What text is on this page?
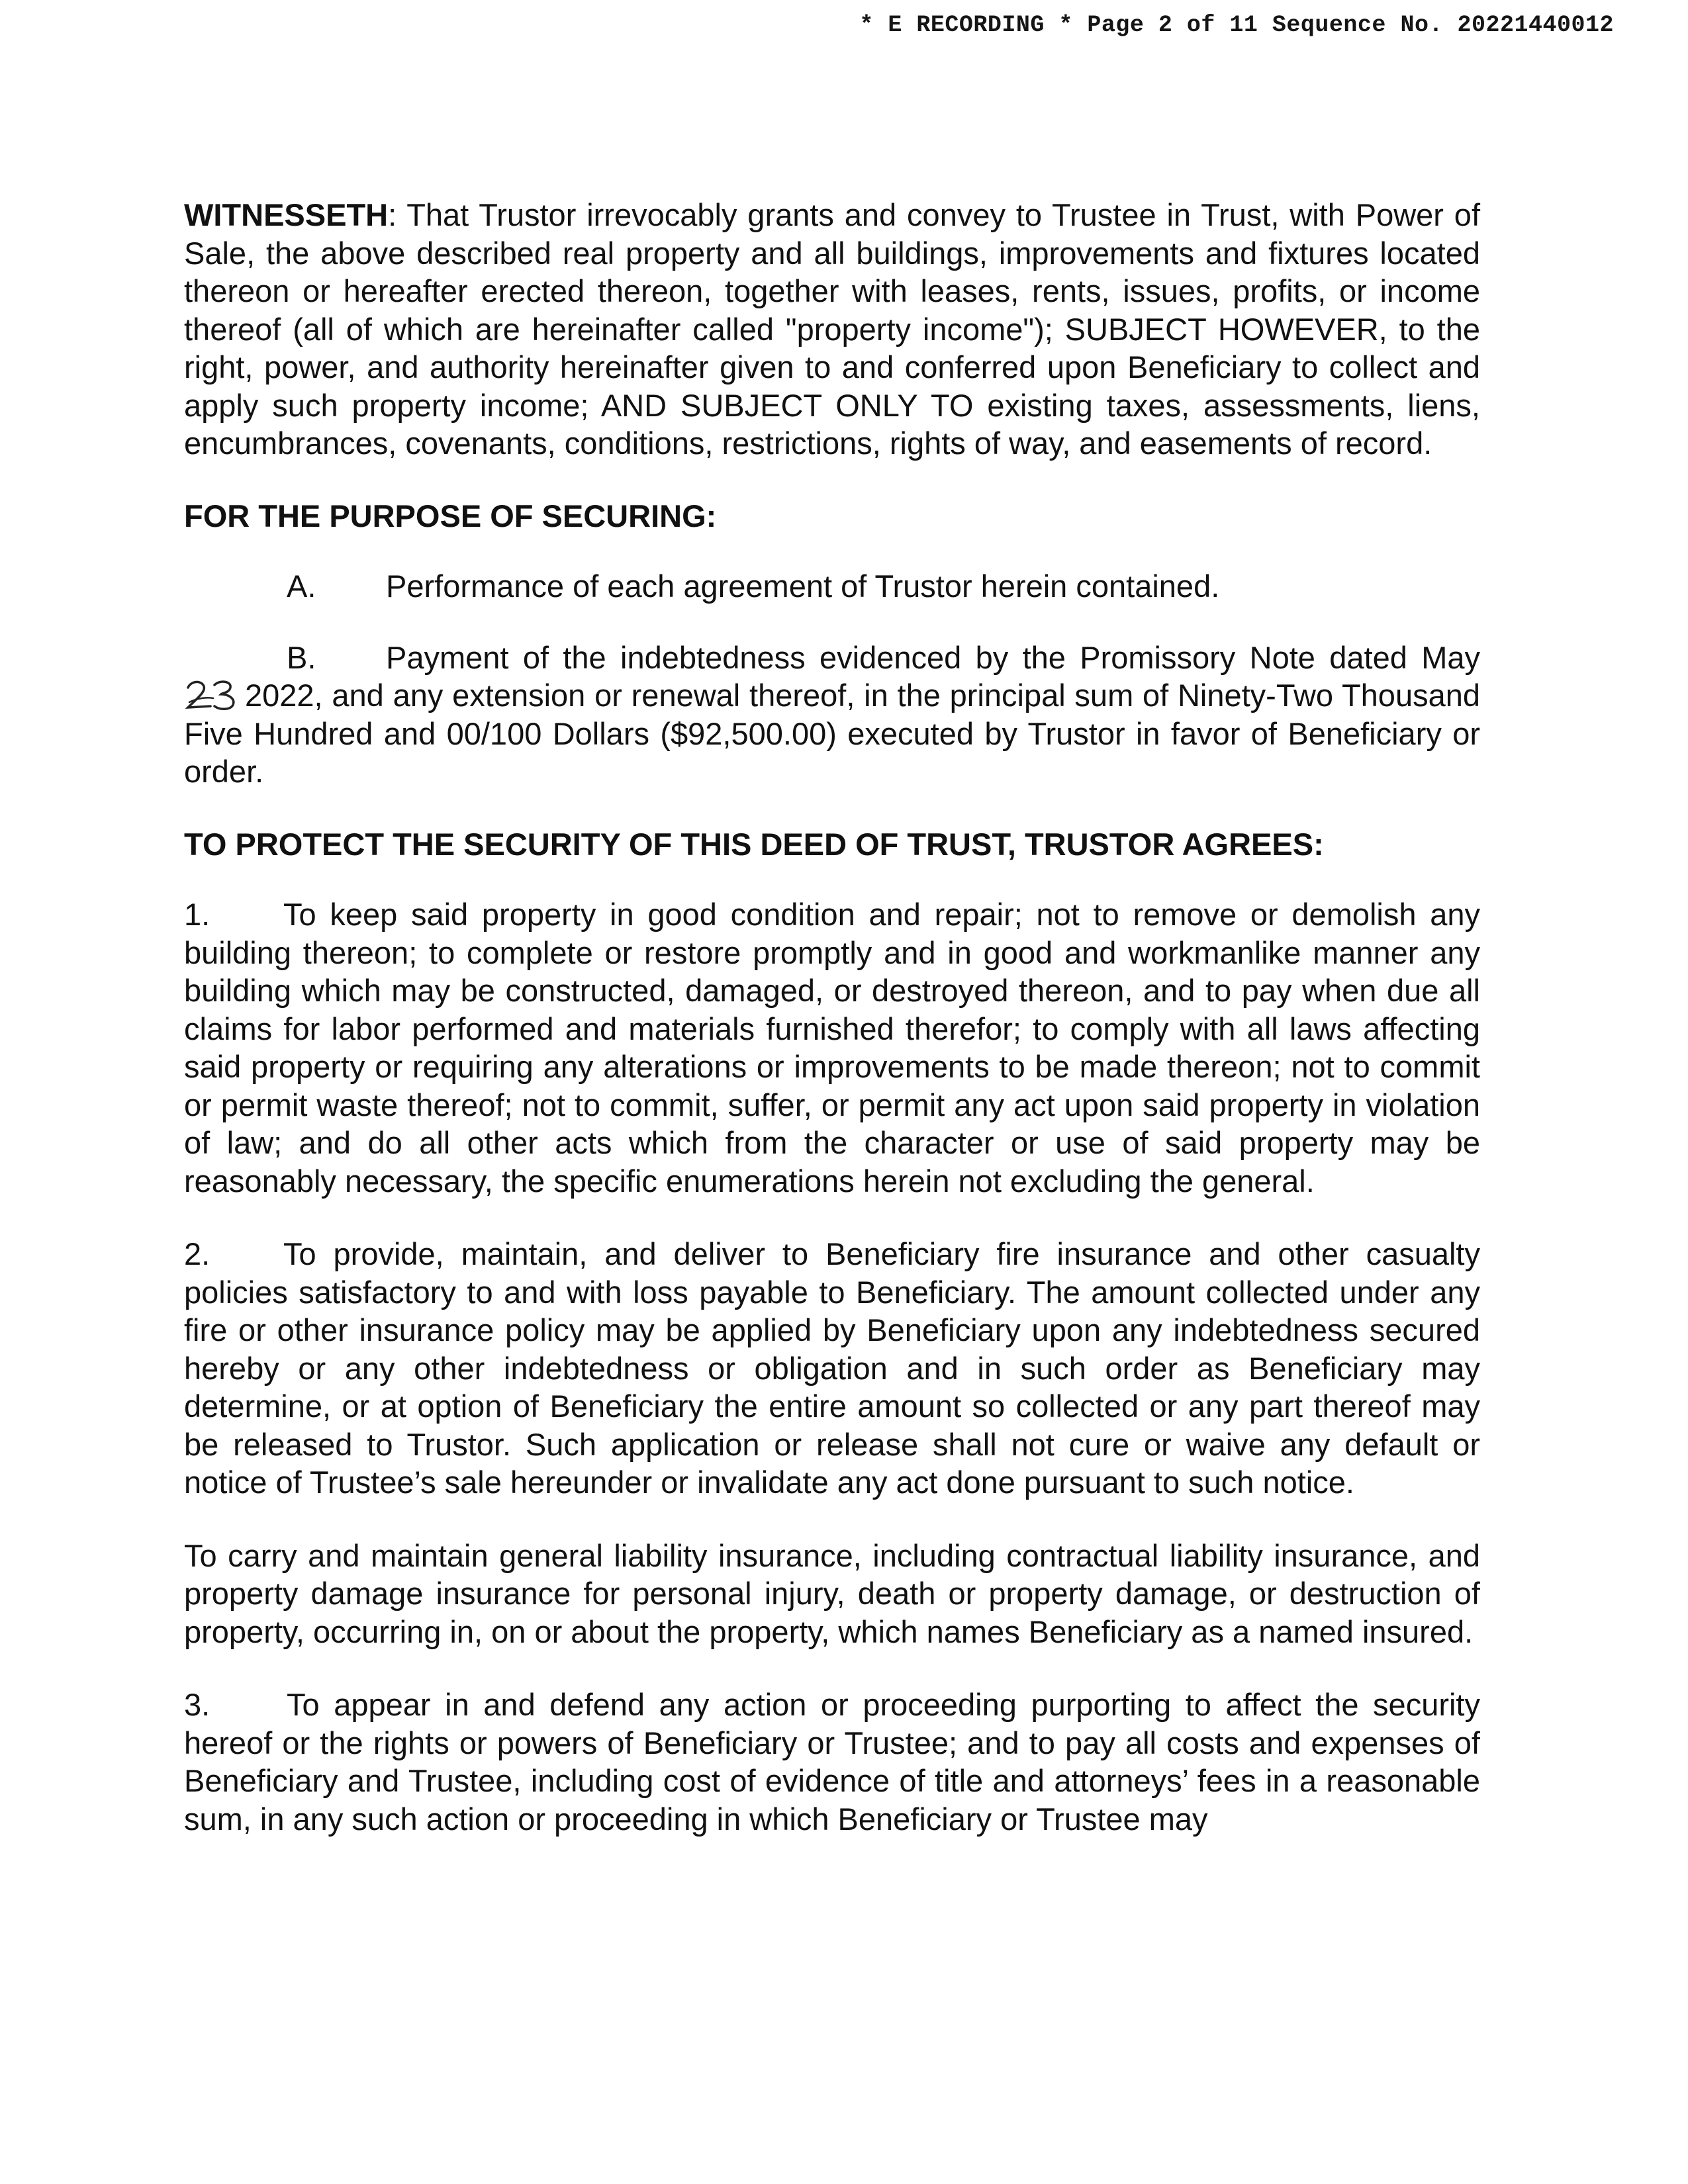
* E RECORDING * Page 2 of 11 Sequence No. 20221440012

WITNESSETH: That Trustor irrevocably grants and convey to Trustee in Trust, with Power of Sale, the above described real property and all buildings, improvements and fixtures located thereon or hereafter erected thereon, together with leases, rents, issues, profits, or income thereof (all of which are hereinafter called "property income"); SUBJECT HOWEVER, to the right, power, and authority hereinafter given to and conferred upon Beneficiary to collect and apply such property income; AND SUBJECT ONLY TO existing taxes, assessments, liens, encumbrances, covenants, conditions, restrictions, rights of way, and easements of record.

FOR THE PURPOSE OF SECURING:

A. Performance of each agreement of Trustor herein contained.

B. Payment of the indebtedness evidenced by the Promissory Note dated May 2022, and any extension or renewal thereof, in the principal sum of Ninety-Two Thousand Five Hundred and 00/100 Dollars ($92,500.00) executed by Trustor in favor of Beneficiary or order.

TO PROTECT THE SECURITY OF THIS DEED OF TRUST, TRUSTOR AGREES:

1. To keep said property in good condition and repair; not to remove or demolish any building thereon; to complete or restore promptly and in good and workmanlike manner any building which may be constructed, damaged, or destroyed thereon, and to pay when due all claims for labor performed and materials furnished therefor; to comply with all laws affecting said property or requiring any alterations or improvements to be made thereon; not to commit or permit waste thereof; not to commit, suffer, or permit any act upon said property in violation of law; and do all other acts which from the character or use of said property may be reasonably necessary, the specific enumerations herein not excluding the general.

2. To provide, maintain, and deliver to Beneficiary fire insurance and other casualty policies satisfactory to and with loss payable to Beneficiary. The amount collected under any fire or other insurance policy may be applied by Beneficiary upon any indebtedness secured hereby or any other indebtedness or obligation and in such order as Beneficiary may determine, or at option of Beneficiary the entire amount so collected or any part thereof may be released to Trustor. Such application or release shall not cure or waive any default or notice of Trustee’s sale hereunder or invalidate any act done pursuant to such notice.

To carry and maintain general liability insurance, including contractual liability insurance, and property damage insurance for personal injury, death or property damage, or destruction of property, occurring in, on or about the property, which names Beneficiary as a named insured.

3. To appear in and defend any action or proceeding purporting to affect the security hereof or the rights or powers of Beneficiary or Trustee; and to pay all costs and expenses of Beneficiary and Trustee, including cost of evidence of title and attorneys’ fees in a reasonable sum, in any such action or proceeding in which Beneficiary or Trustee may
